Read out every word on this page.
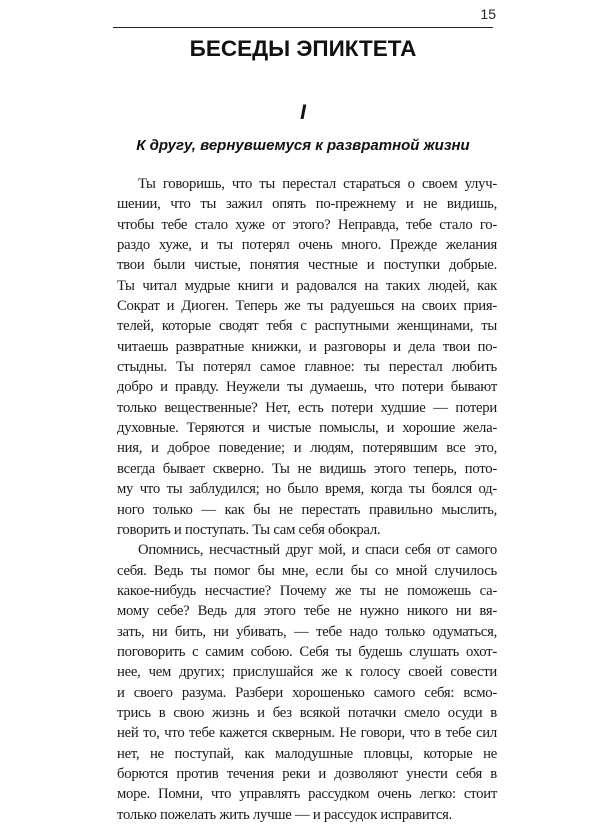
15
БЕСЕДЫ ЭПИКТЕТА
I
К другу, вернувшемуся к развратной жизни
Ты говоришь, что ты перестал стараться о своем улуч-
шении, что ты зажил опять по-прежнему и не видишь,
чтобы тебе стало хуже от этого? Неправда, тебе стало го-
раздо хуже, и ты потерял очень много. Прежде желания
твои были чистые, понятия честные и поступки добрые.
Ты читал мудрые книги и радовался на таких людей, как
Сократ и Диоген. Теперь же ты радуешься на своих прия-
телей, которые сводят тебя с распутными женщинами, ты
читаешь развратные книжки, и разговоры и дела твои по-
стыдны. Ты потерял самое главное: ты перестал любить
добро и правду. Неужели ты думаешь, что потери бывают
только вещественные? Нет, есть потери худшие — потери
духовные. Теряются и чистые помыслы, и хорошие жела-
ния, и доброе поведение; и людям, потерявшим все это,
всегда бывает скверно. Ты не видишь этого теперь, пото-
му что ты заблудился; но было время, когда ты боялся од-
ного только — как бы не перестать правильно мыслить,
говорить и поступать. Ты сам себя обокрал.
Опомнись, несчастный друг мой, и спаси себя от самого
себя. Ведь ты помог бы мне, если бы со мной случилось
какое-нибудь несчастие? Почему же ты не поможешь са-
мому себе? Ведь для этого тебе не нужно никого ни вя-
зать, ни бить, ни убивать, — тебе надо только одуматься,
поговорить с самим собою. Себя ты будешь слушать охот-
нее, чем других; прислушайся же к голосу своей совести
и своего разума. Разбери хорошенько самого себя: всмо-
трись в свою жизнь и без всякой потачки смело осуди в
ней то, что тебе кажется скверным. Не говори, что в тебе сил
нет, не поступай, как малодушные пловцы, которые не
борются против течения реки и дозволяют унести себя в
море. Помни, что управлять рассудком очень легко: стоит
только пожелать жить лучше — и рассудок исправится.
